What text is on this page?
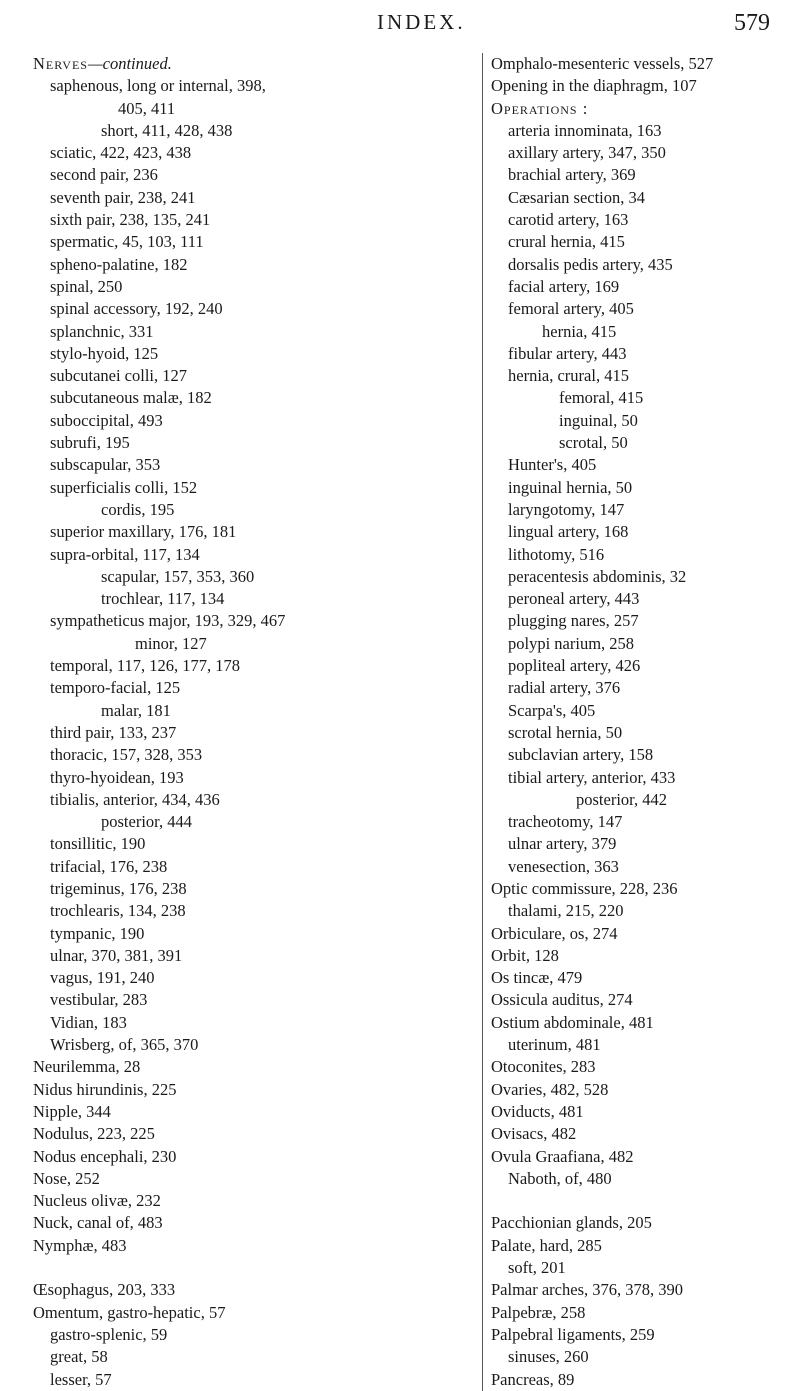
INDEX.	579
Nerves—continued.
saphenous, long or internal, 398,
405, 411
short, 411, 428, 438
sciatic, 422, 423, 438
second pair, 236
seventh pair, 238, 241
sixth pair, 238, 135, 241
spermatic, 45, 103, 111
spheno-palatine, 182
spinal, 250
spinal accessory, 192, 240
splanchnic, 331
stylo-hyoid, 125
subcutanei colli, 127
subcutaneous malæ, 182
suboccipital, 493
subrufi, 195
subscapular, 353
superficialis colli, 152
cordis, 195
superior maxillary, 176, 181
supra-orbital, 117, 134
scapular, 157, 353, 360
trochlear, 117, 134
sympatheticus major, 193, 329, 467
minor, 127
temporal, 117, 126, 177, 178
temporo-facial, 125
malar, 181
third pair, 133, 237
thoracic, 157, 328, 353
thyro-hyoidean, 193
tibialis, anterior, 434, 436
posterior, 444
tonsillitic, 190
trifacial, 176, 238
trigeminus, 176, 238
trochlearis, 134, 238
tympanic, 190
ulnar, 370, 381, 391
vagus, 191, 240
vestibular, 283
Vidian, 183
Wrisberg, of, 365, 370
Neurilemma, 28
Nidus hirundinis, 225
Nipple, 344
Nodulus, 223, 225
Nodus encephali, 230
Nose, 252
Nucleus olivæ, 232
Nuck, canal of, 483
Nymphæ, 483
Œsophagus, 203, 333
Omentum, gastro-hepatic, 57
gastro-splenic, 59
great, 58
lesser, 57
Omphalo-mesenteric vessels, 527
Opening in the diaphragm, 107
Operations :
arteria innominata, 163
axillary artery, 347, 350
brachial artery, 369
Cæsarian section, 34
carotid artery, 163
crural hernia, 415
dorsalis pedis artery, 435
facial artery, 169
femoral artery, 405
hernia, 415
fibular artery, 443
hernia, crural, 415
femoral, 415
inguinal, 50
scrotal, 50
Hunter's, 405
inguinal hernia, 50
laryngotomy, 147
lingual artery, 168
lithotomy, 516
peracentesis abdominis, 32
peroneal artery, 443
plugging nares, 257
polypi narium, 258
popliteal artery, 426
radial artery, 376
Scarpa's, 405
scrotal hernia, 50
subclavian artery, 158
tibial artery, anterior, 433
posterior, 442
tracheotomy, 147
ulnar artery, 379
venesection, 363
Optic commissure, 228, 236
thalami, 215, 220
Orbiculare, os, 274
Orbit, 128
Os tincæ, 479
Ossicula auditus, 274
Ostium abdominale, 481
uterinum, 481
Otoconites, 283
Ovaries, 482, 528
Oviducts, 481
Ovisacs, 482
Ovula Graafiana, 482
Naboth, of, 480
Pacchionian glands, 205
Palate, hard, 285
soft, 201
Palmar arches, 376, 378, 390
Palpebræ, 258
Palpebral ligaments, 259
sinuses, 260
Pancreas, 89
